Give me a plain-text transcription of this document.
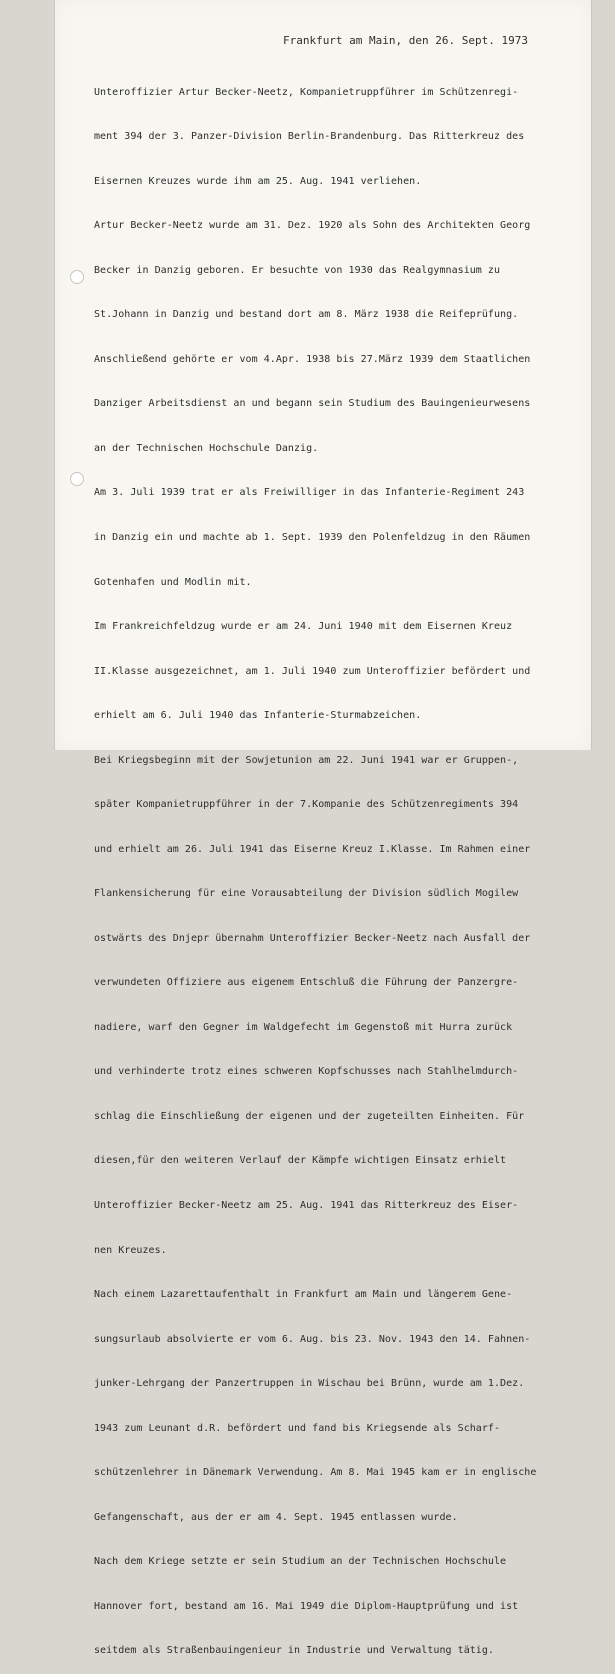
Frankfurt am Main, den 26. Sept. 1973

Unteroffizier Artur Becker-Neetz, Kompanietruppführer im Schützenregi-

ment 394 der 3. Panzer-Division Berlin-Brandenburg. Das Ritterkreuz des

Eisernen Kreuzes wurde ihm am 25. Aug. 1941 verliehen.

Artur Becker-Neetz wurde am 31. Dez. 1920 als Sohn des Architekten Georg

Becker in Danzig geboren. Er besuchte von 1930 das Realgymnasium zu

St.Johann in Danzig und bestand dort am 8. März 1938 die Reifeprüfung.

Anschließend gehörte er vom 4.Apr. 1938 bis 27.März 1939 dem Staatlichen

Danziger Arbeitsdienst an und begann sein Studium des Bauingenieurwesens

an der Technischen Hochschule Danzig.

Am 3. Juli 1939 trat er als Freiwilliger in das Infanterie-Regiment 243

in Danzig ein und machte ab 1. Sept. 1939 den Polenfeldzug in den Räumen

Gotenhafen und Modlin mit.

Im Frankreichfeldzug wurde er am 24. Juni 1940 mit dem Eisernen Kreuz

II.Klasse ausgezeichnet, am 1. Juli 1940 zum Unteroffizier befördert und

erhielt am 6. Juli 1940 das Infanterie-Sturmabzeichen.

Bei Kriegsbeginn mit der Sowjetunion am 22. Juni 1941 war er Gruppen-,

später Kompanietruppführer in der 7.Kompanie des Schützenregiments 394

und erhielt am 26. Juli 1941 das Eiserne Kreuz I.Klasse. Im Rahmen einer

Flankensicherung für eine Vorausabteilung der Division südlich Mogilew

ostwärts des Dnjepr übernahm Unteroffizier Becker-Neetz nach Ausfall der

verwundeten Offiziere aus eigenem Entschluß die Führung der Panzergre-

nadiere, warf den Gegner im Waldgefecht im Gegenstoß mit Hurra zurück

und verhinderte trotz eines schweren Kopfschusses nach Stahlhelmdurch-

schlag die Einschließung der eigenen und der zugeteilten Einheiten. Für

diesen,für den weiteren Verlauf der Kämpfe wichtigen Einsatz erhielt

Unteroffizier Becker-Neetz am 25. Aug. 1941 das Ritterkreuz des Eiser-

nen Kreuzes.

Nach einem Lazarettaufenthalt in Frankfurt am Main und längerem Gene-

sungsurlaub absolvierte er vom 6. Aug. bis 23. Nov. 1943 den 14. Fahnen-

junker-Lehrgang der Panzertruppen in Wischau bei Brünn, wurde am 1.Dez.

1943 zum Leunant d.R. befördert und fand bis Kriegsende als Scharf-

schützenlehrer in Dänemark Verwendung. Am 8. Mai 1945 kam er in englische

Gefangenschaft, aus der er am 4. Sept. 1945 entlassen wurde.

Nach dem Kriege setzte er sein Studium an der Technischen Hochschule

Hannover fort, bestand am 16. Mai 1949 die Diplom-Hauptprüfung und ist

seitdem als Straßenbauingenieur in Industrie und Verwaltung tätig.
